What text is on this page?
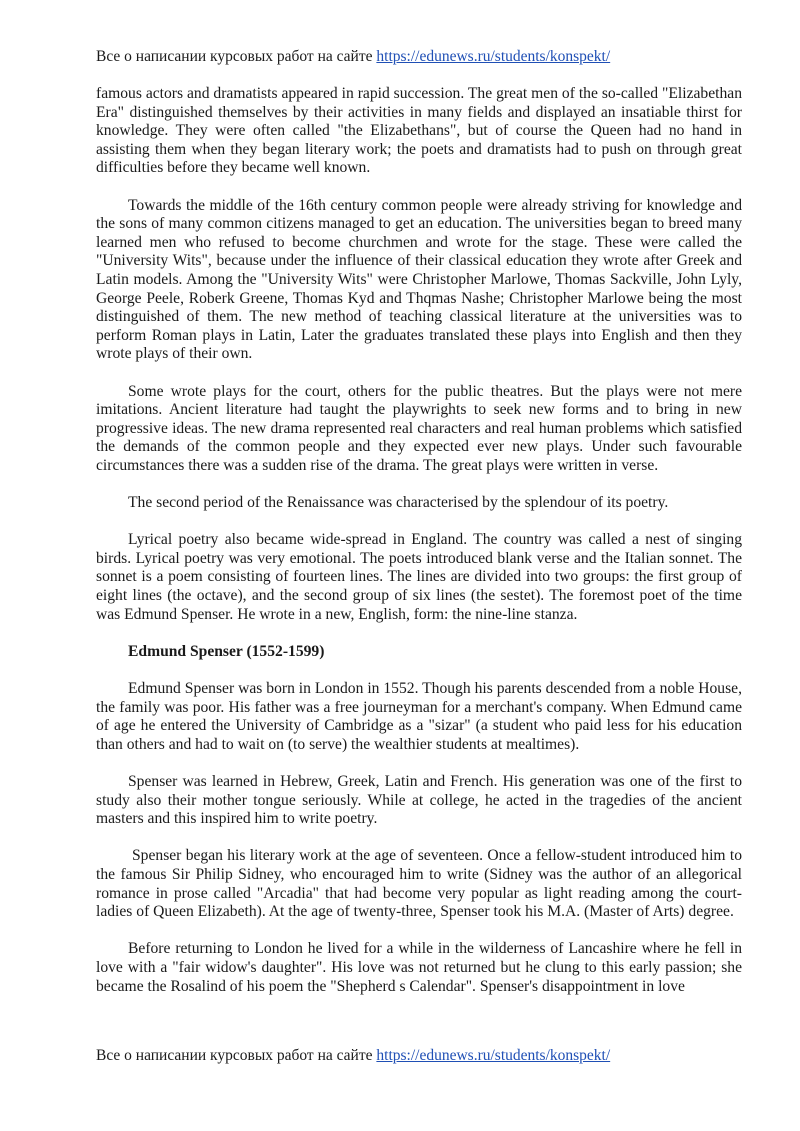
Все о написании курсовых работ на сайте https://edunews.ru/students/konspekt/

famous actors and dramatists appeared in rapid succession. The great men of the so-called "Elizabethan Era" distinguished themselves by their activities in many fields and displayed an insatiable thirst for knowledge. They were often called "the Elizabethans", but of course the Queen had no hand in assisting them when they began literary work; the poets and dramatists had to push on through great difficulties before they became well known.

Towards the middle of the 16th century common people were already striving for knowledge and the sons of many common citizens managed to get an education. The universities began to breed many learned men who refused to become churchmen and wrote for the stage. These were called the "University Wits", because under the influence of their classical education they wrote after Greek and Latin models. Among the "University Wits" were Christopher Marlowe, Thomas Sackville, John Lyly, George Peele, Roberk Greene, Thomas Kyd and Thqmas Nashe; Christopher Marlowe being the most distinguished of them. The new method of teaching classical literature at the universities was to perform Roman plays in Latin, Later the graduates translated these plays into English and then they wrote plays of their own.

Some wrote plays for the court, others for the public theatres. But the plays were not mere imitations. Ancient literature had taught the playwrights to seek new forms and to bring in new progressive ideas. The new drama represented real characters and real human problems which satisfied the demands of the common people and they expected ever new plays. Under such favourable circumstances there was a sudden rise of the drama. The great plays were written in verse.

The second period of the Renaissance was characterised by the splendour of its poetry.

Lyrical poetry also became wide-spread in England. The country was called a nest of singing birds. Lyrical poetry was very emotional. The poets introduced blank verse and the Italian sonnet. The sonnet is a poem consisting of fourteen lines. The lines are divided into two groups: the first group of eight lines (the octave), and the second group of six lines (the sestet). The foremost poet of the time was Edmund Spenser. He wrote in a new, English, form: the nine-line stanza.

Edmund Spenser (1552-1599)

Edmund Spenser was born in London in 1552. Though his parents descended from a noble House, the family was poor. His father was a free journeyman for a merchant's company. When Edmund came of age he entered the University of Cambridge as a "sizar" (a student who paid less for his education than others and had to wait on (to serve) the wealthier students at mealtimes).

Spenser was learned in Hebrew, Greek, Latin and French. His generation was one of the first to study also their mother tongue seriously. While at college, he acted in the tragedies of the ancient masters and this inspired him to write poetry.

Spenser began his literary work at the age of seventeen. Once a fellow-student introduced him to the famous Sir Philip Sidney, who encouraged him to write (Sidney was the author of an allegorical romance in prose called "Arcadia" that had become very popular as light reading among the court-ladies of Queen Elizabeth). At the age of twenty-three, Spenser took his M.A. (Master of Arts) degree.

Before returning to London he lived for a while in the wilderness of Lancashire where he fell in love with a "fair widow's daughter". His love was not returned but he clung to this early passion; she became the Rosalind of his poem the "Shepherd s Calendar". Spenser's disappointment in love

Все о написании курсовых работ на сайте https://edunews.ru/students/konspekt/
